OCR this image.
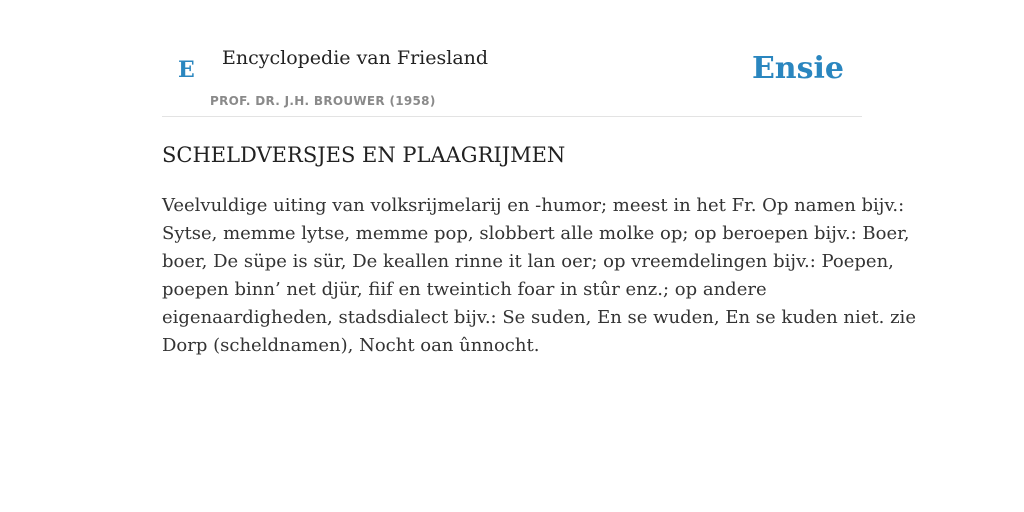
E Encyclopedie van Friesland
PROF. DR. J.H. BROUWER (1958)
Ensie
SCHELDVERSJES EN PLAAGRIJMEN

Veelvuldige uiting van volksrijmelarij en -humor; meest in het Fr. Op namen bijv.:
Sytse, memme lytse, memme pop, slobbert alle molke op; op beroepen bijv.: Boer,
boer, De süpe is sür, De keallen rinne it lan oer; op vreemdelingen bijv.: Poepen,
poepen binn’ net djür, fiif en tweintich foar in stûr enz.; op andere
eigenaardigheden, stadsdialect bijv.: Se suden, En se wuden, En se kuden niet. zie
Dorp (scheldnamen), Nocht oan ûnnocht.
